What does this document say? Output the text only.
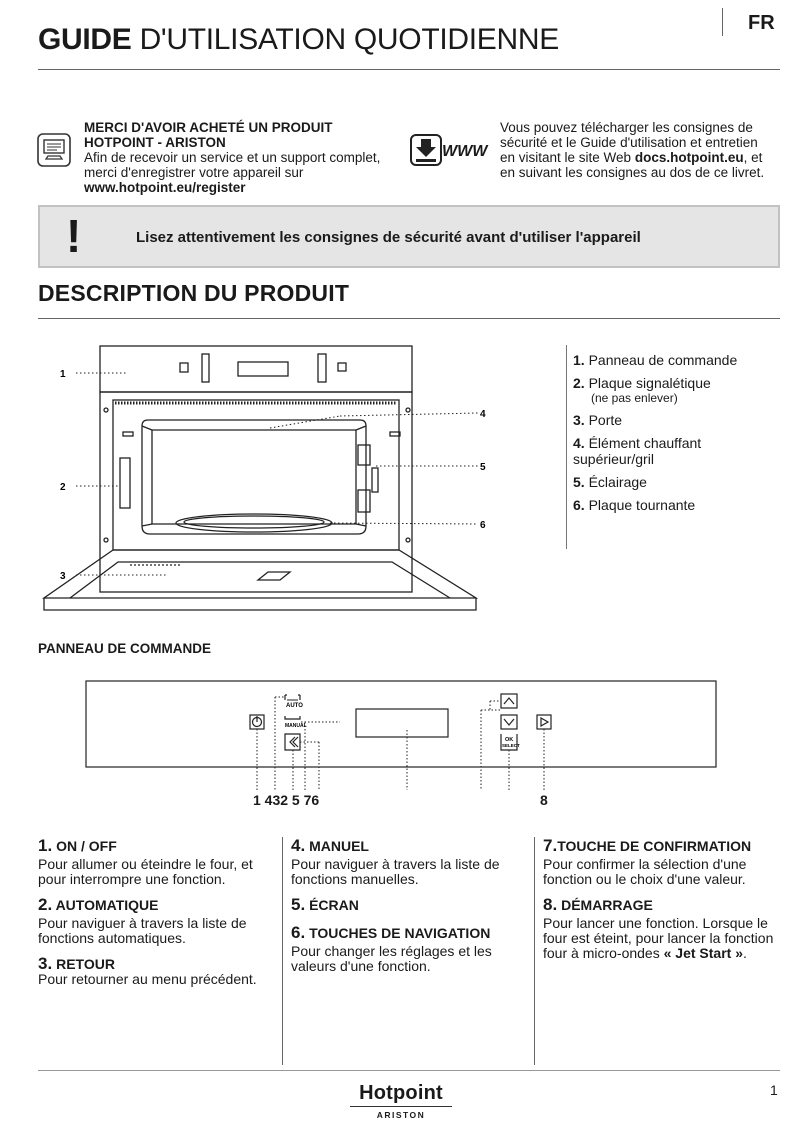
GUIDE D'UTILISATION QUOTIDIENNE	FR
MERCI D'AVOIR ACHETÉ UN PRODUIT
HOTPOINT - ARISTON
Afin de recevoir un service et un support complet, merci d'enregistrer votre appareil sur
www.hotpoint.eu/register
WWW
Vous pouvez télécharger les consignes de sécurité et le Guide d'utilisation et entretien en visitant le site Web docs.hotpoint.eu, et en suivant les consignes au dos de ce livret.
!	Lisez attentivement les consignes de sécurité avant d'utiliser l'appareil
DESCRIPTION DU PRODUIT
1
2
3
4
5
6
1. Panneau de commande
2. Plaque signalétique
(ne pas enlever)
3. Porte
4. Élément chauffant supérieur/gril
5. Éclairage
6. Plaque tournante
PANNEAU DE COMMANDE
AUTO
MANUAL
OK
SELECT
1 432 5 76	8
1. ON / OFF
Pour allumer ou éteindre le four, et pour interrompre une fonction.
2. AUTOMATIQUE
Pour naviguer à travers la liste de fonctions automatiques.
3. RETOUR
Pour retourner au menu précédent.
4. MANUEL
Pour naviguer à travers la liste de fonctions manuelles.
5. ÉCRAN
6. TOUCHES DE NAVIGATION
Pour changer les réglages et les valeurs d'une fonction.
7.TOUCHE DE CONFIRMATION
Pour confirmer la sélection d'une fonction ou le choix d'une valeur.
8. DÉMARRAGE
Pour lancer une fonction. Lorsque le four est éteint, pour lancer la fonction four à micro-ondes « Jet Start ».
Hotpoint
ARISTON
1
